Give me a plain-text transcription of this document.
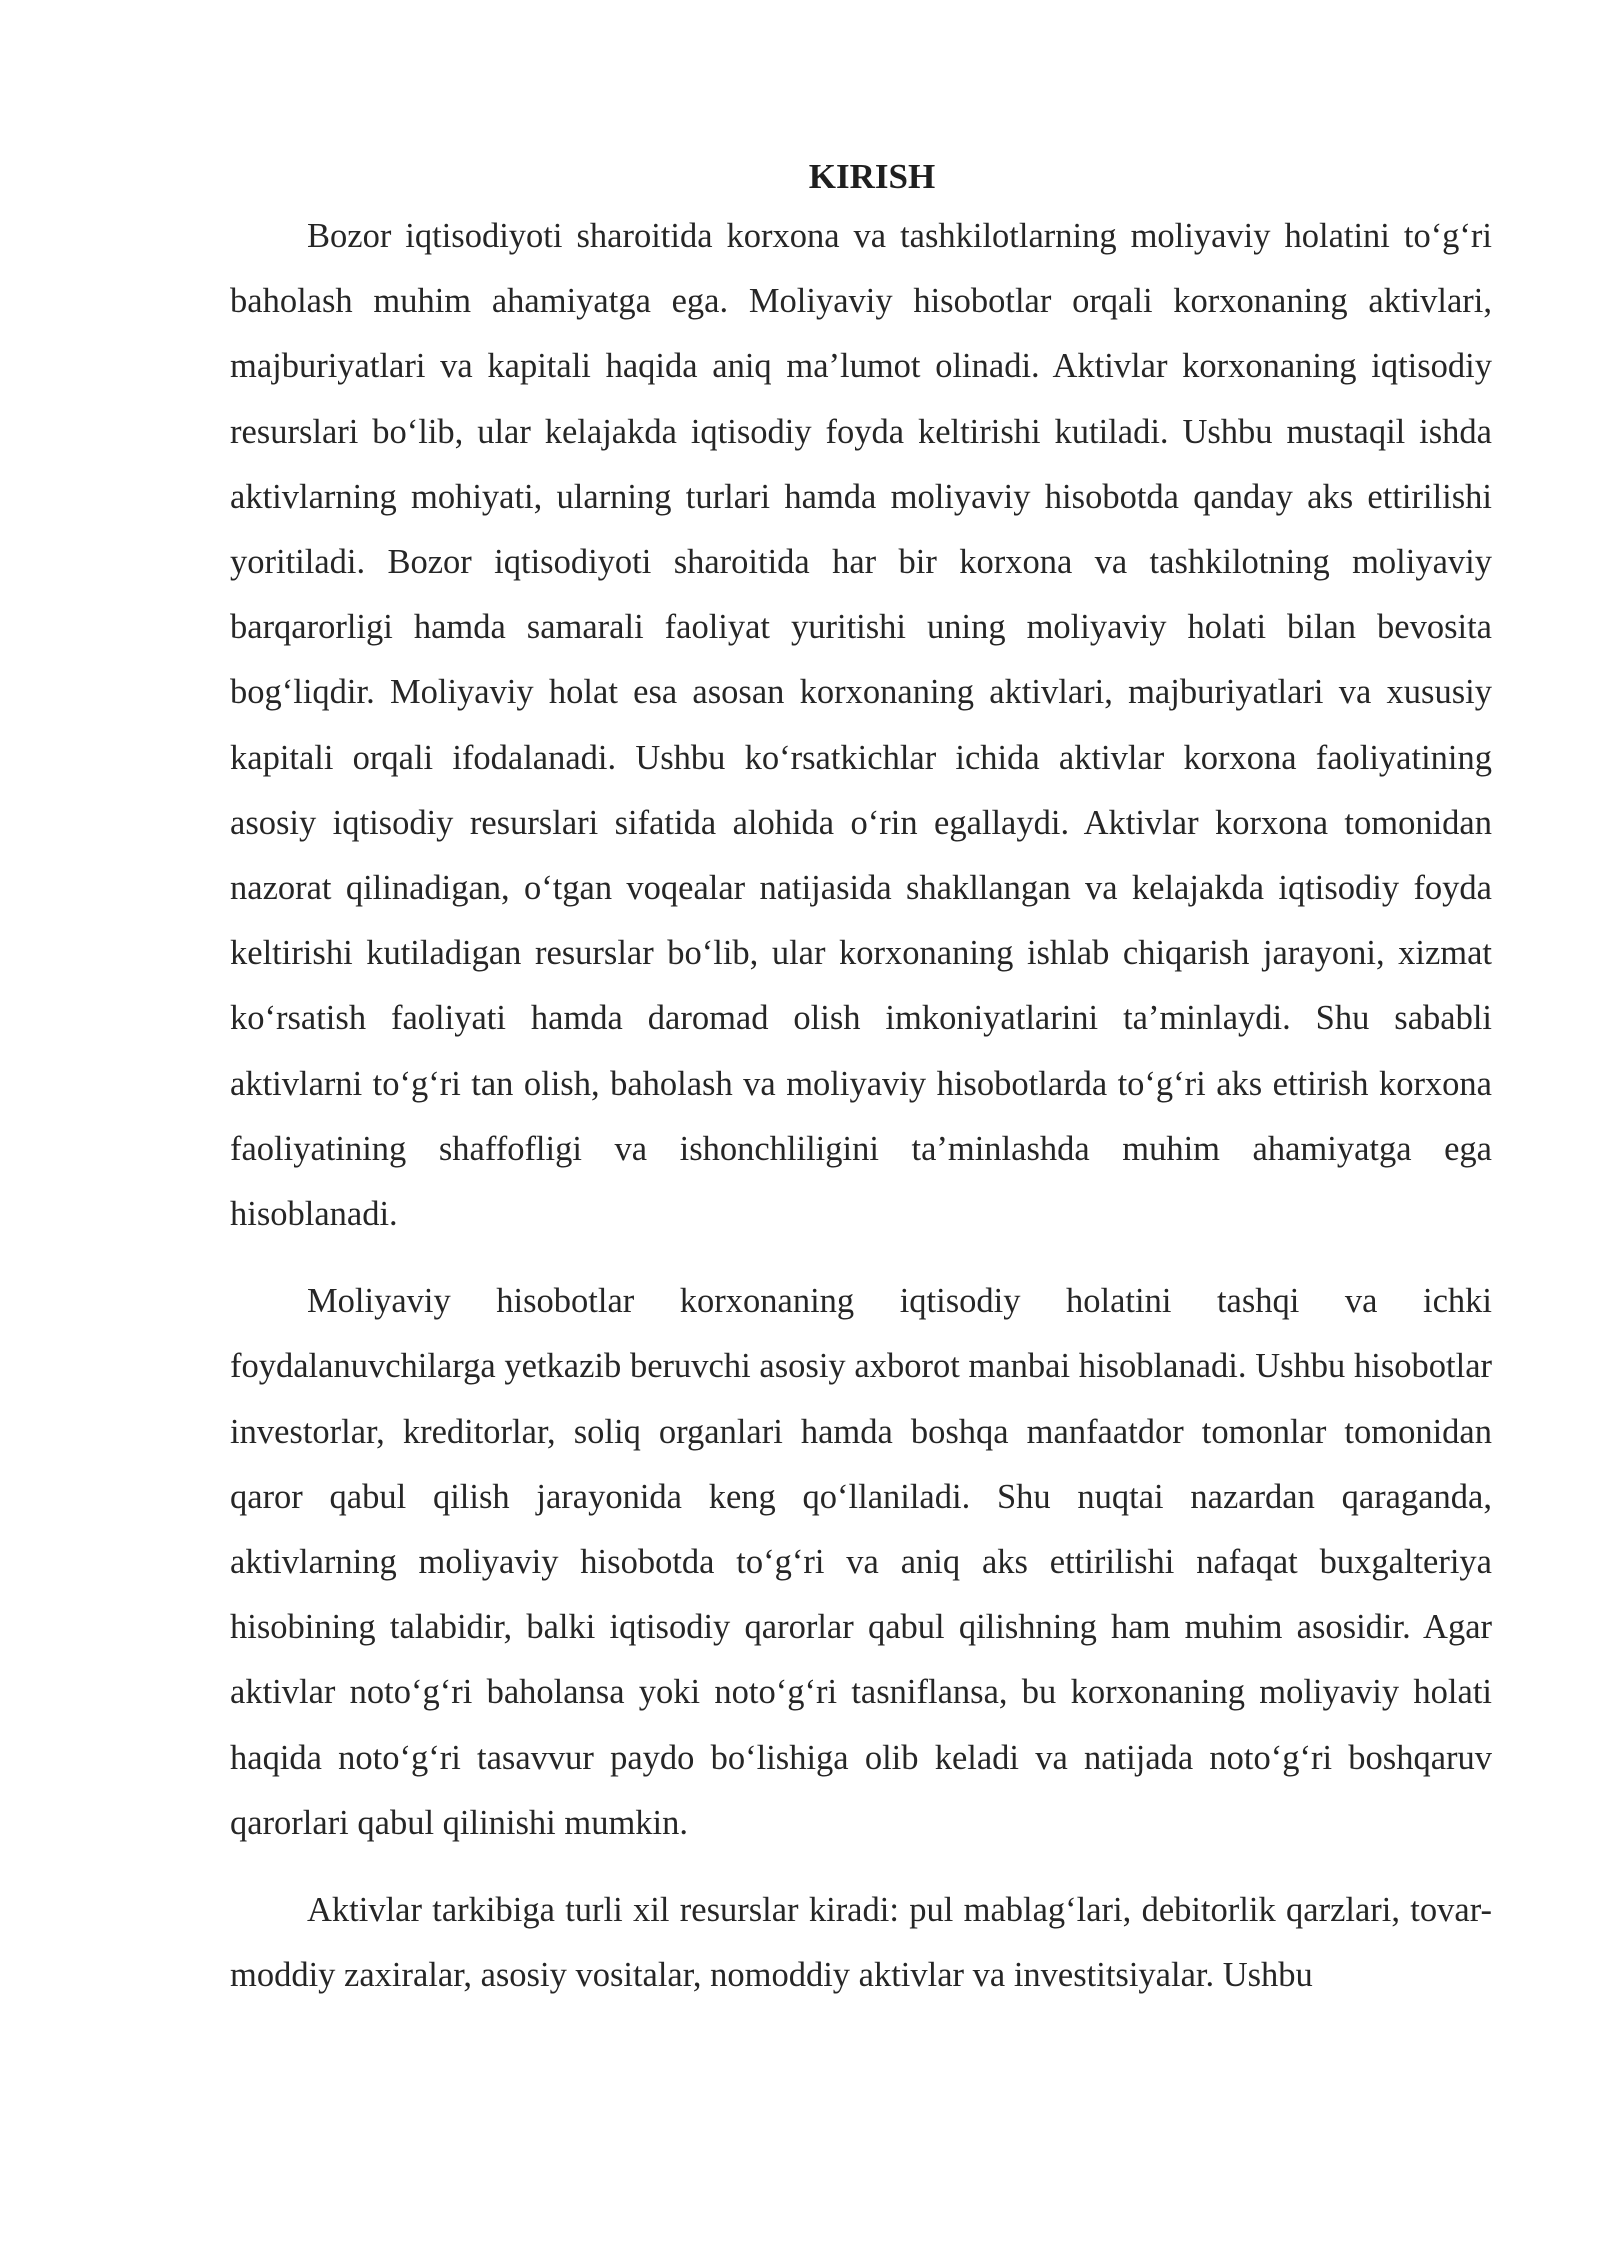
KIRISH

Bozor iqtisodiyoti sharoitida korxona va tashkilotlarning moliyaviy holatini to‘g‘ri baholash muhim ahamiyatga ega. Moliyaviy hisobotlar orqali korxonaning aktivlari, majburiyatlari va kapitali haqida aniq ma’lumot olinadi. Aktivlar korxonaning iqtisodiy resurslari bo‘lib, ular kelajakda iqtisodiy foyda keltirishi kutiladi. Ushbu mustaqil ishda aktivlarning mohiyati, ularning turlari hamda moliyaviy hisobotda qanday aks ettirilishi yoritiladi. Bozor iqtisodiyoti sharoitida har bir korxona va tashkilotning moliyaviy barqarorligi hamda samarali faoliyat yuritishi uning moliyaviy holati bilan bevosita bog‘liqdir. Moliyaviy holat esa asosan korxonaning aktivlari, majburiyatlari va xususiy kapitali orqali ifodalanadi. Ushbu ko‘rsatkichlar ichida aktivlar korxona faoliyatining asosiy iqtisodiy resurslari sifatida alohida o‘rin egallaydi. Aktivlar korxona tomonidan nazorat qilinadigan, o‘tgan voqealar natijasida shakllangan va kelajakda iqtisodiy foyda keltirishi kutiladigan resurslar bo‘lib, ular korxonaning ishlab chiqarish jarayoni, xizmat ko‘rsatish faoliyati hamda daromad olish imkoniyatlarini ta’minlaydi. Shu sababli aktivlarni to‘g‘ri tan olish, baholash va moliyaviy hisobotlarda to‘g‘ri aks ettirish korxona faoliyatining shaffofligi va ishonchliligini ta’minlashda muhim ahamiyatga ega hisoblanadi.

Moliyaviy hisobotlar korxonaning iqtisodiy holatini tashqi va ichki foydalanuvchilarga yetkazib beruvchi asosiy axborot manbai hisoblanadi. Ushbu hisobotlar investorlar, kreditorlar, soliq organlari hamda boshqa manfaatdor tomonlar tomonidan qaror qabul qilish jarayonida keng qo‘llaniladi. Shu nuqtai nazardan qaraganda, aktivlarning moliyaviy hisobotda to‘g‘ri va aniq aks ettirilishi nafaqat buxgalteriya hisobining talabidir, balki iqtisodiy qarorlar qabul qilishning ham muhim asosidir. Agar aktivlar noto‘g‘ri baholansa yoki noto‘g‘ri tasniflansa, bu korxonaning moliyaviy holati haqida noto‘g‘ri tasavvur paydo bo‘lishiga olib keladi va natijada noto‘g‘ri boshqaruv qarorlari qabul qilinishi mumkin.

Aktivlar tarkibiga turli xil resurslar kiradi: pul mablag‘lari, debitorlik qarzlari, tovar-moddiy zaxiralar, asosiy vositalar, nomoddiy aktivlar va investitsiyalar. Ushbu
